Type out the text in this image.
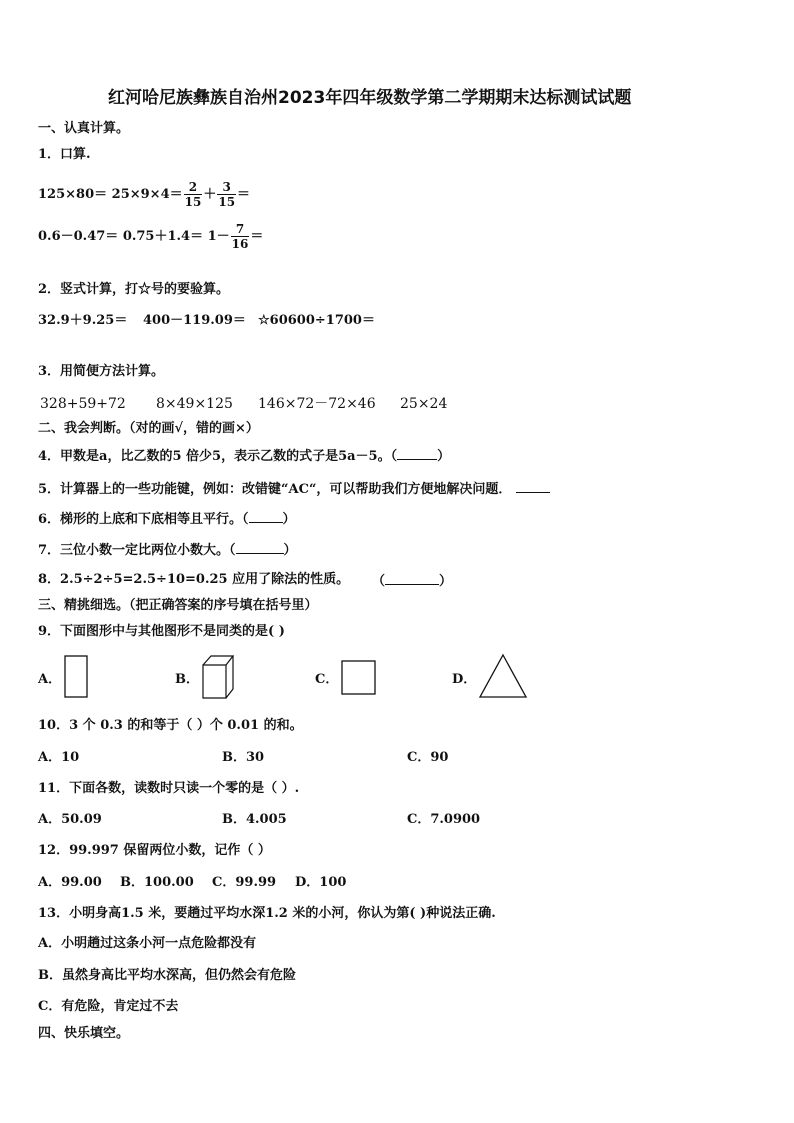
红河哈尼族彝族自治州2023年四年级数学第二学期期末达标测试试题
一、认真计算。
1．口算.
$125\times 80= 25\times 9\times 4= \frac{2}{15} + \frac{3}{15}$ ＝
$0.6-0.47= 0.75+1.4= 1- \frac{7}{16}$ ＝
2．竖式计算，打☆号的要验算。
32.9＋9.25＝ 400－119.09＝ ☆60600÷1700＝
3．用简便方法计算。
328+59+72 8×49×125 146×72－72×46 25×24
二、我会判断。（对的画√，错的画×）
4．甲数是a，比乙数的5 倍少5，表示乙数的式子是5a－5。（	）
5．计算器上的一些功能键，例如：改错键“AC“，可以帮助我们方便地解决问题．
6．梯形的上底和下底相等且平行。（	）
7．三位小数一定比两位小数大。（	）
8．2.5÷2÷5=2.5÷10=0.25 应用了除法的性质。 （	）
三、精挑细选。（把正确答案的序号填在括号里）
9．下面图形中与其他图形不是同类的是( )
A．	B．	C．	D．
10．3 个 0.3 的和等于（ ）个 0.01 的和。
A．10	B．30	C．90
11．下面各数，读数时只读一个零的是（ ）.
A．50.09	B．4.005	C．7.0900
12．99.997 保留两位小数，记作（ ）
A．99.00 B．100.00 C．99.99 D．100
13．小明身高1.5 米，要趟过平均水深1.2 米的小河，你认为第( )种说法正确.
A．小明趟过这条小河一点危险都没有
B．虽然身高比平均水深高，但仍然会有危险
C．有危险，肯定过不去
四、快乐填空。
